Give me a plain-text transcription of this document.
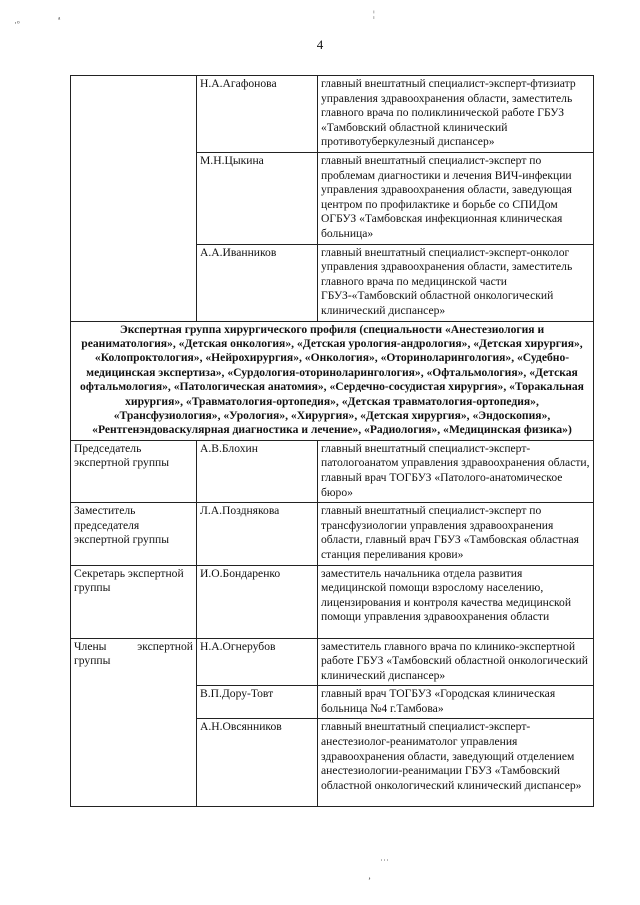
·ᵒ	ᵃ	¦
˙˙˙
ʼ
4
	Н.А.Агафонова	главный внештатный специалист-эксперт-фтизиатр управления здравоохранения области, заместитель главного врача по поликлинической работе ГБУЗ «Тамбовский областной клинический противотуберкулезный диспансер»
	М.Н.Цыкина	главный внештатный специалист-эксперт по проблемам диагностики и лечения ВИЧ-инфекции управления здравоохранения области, заведующая центром по профилактике и борьбе со СПИДом ОГБУЗ «Тамбовская инфекционная клиническая больница»
	А.А.Иванников	главный внештатный специалист-эксперт-онколог управления здравоохранения области, заместитель главного врача по медицинской части ГБУЗ-«Тамбовский областной онкологический клинический диспансер»
Экспертная группа хирургического профиля (специальности «Анестезиология и реаниматология», «Детская онкология», «Детская урология-андрология», «Детская хирургия», «Колопроктология», «Нейрохирургия», «Онкология», «Оториноларингология», «Судебно-медицинская экспертиза», «Сурдология-оториноларингология», «Офтальмология», «Детская офтальмология», «Патологическая анатомия», «Сердечно-сосудистая хирургия», «Торакальная хирургия», «Травматология-ортопедия», «Детская травматология-ортопедия», «Трансфузиология», «Урология», «Хирургия», «Детская хирургия», «Эндоскопия», «Рентгенэндоваскулярная диагностика и лечение», «Радиология», «Медицинская физика»)		
Председатель экспертной группы	А.В.Блохин	главный внештатный специалист-эксперт-патологоанатом управления здравоохранения области, главный врач ТОГБУЗ «Патолого-анатомическое бюро»
Заместитель председателя экспертной группы	Л.А.Позднякова	главный внештатный специалист-эксперт по трансфузиологии управления здравоохранения области, главный врач ГБУЗ «Тамбовская областная станция переливания крови»
Секретарь экспертной группы	И.О.Бондаренко	заместитель начальника отдела развития медицинской помощи взрослому населению, лицензирования и контроля качества медицинской помощи управления здравоохранения области

Члены экспертной
группы	Н.А.Огнерубов	заместитель главного врача по клинико-экспертной работе ГБУЗ «Тамбовский областной онкологический клинический диспансер»
	В.П.Дору-Товт	главный врач ТОГБУЗ «Городская клиническая больница №4 г.Тамбова»
	А.Н.Овсянников	главный внештатный специалист-эксперт-анестезиолог-реаниматолог управления здравоохранения области, заведующий отделением анестезиологии-реанимации ГБУЗ «Тамбовский областной онкологический клинический диспансер»
